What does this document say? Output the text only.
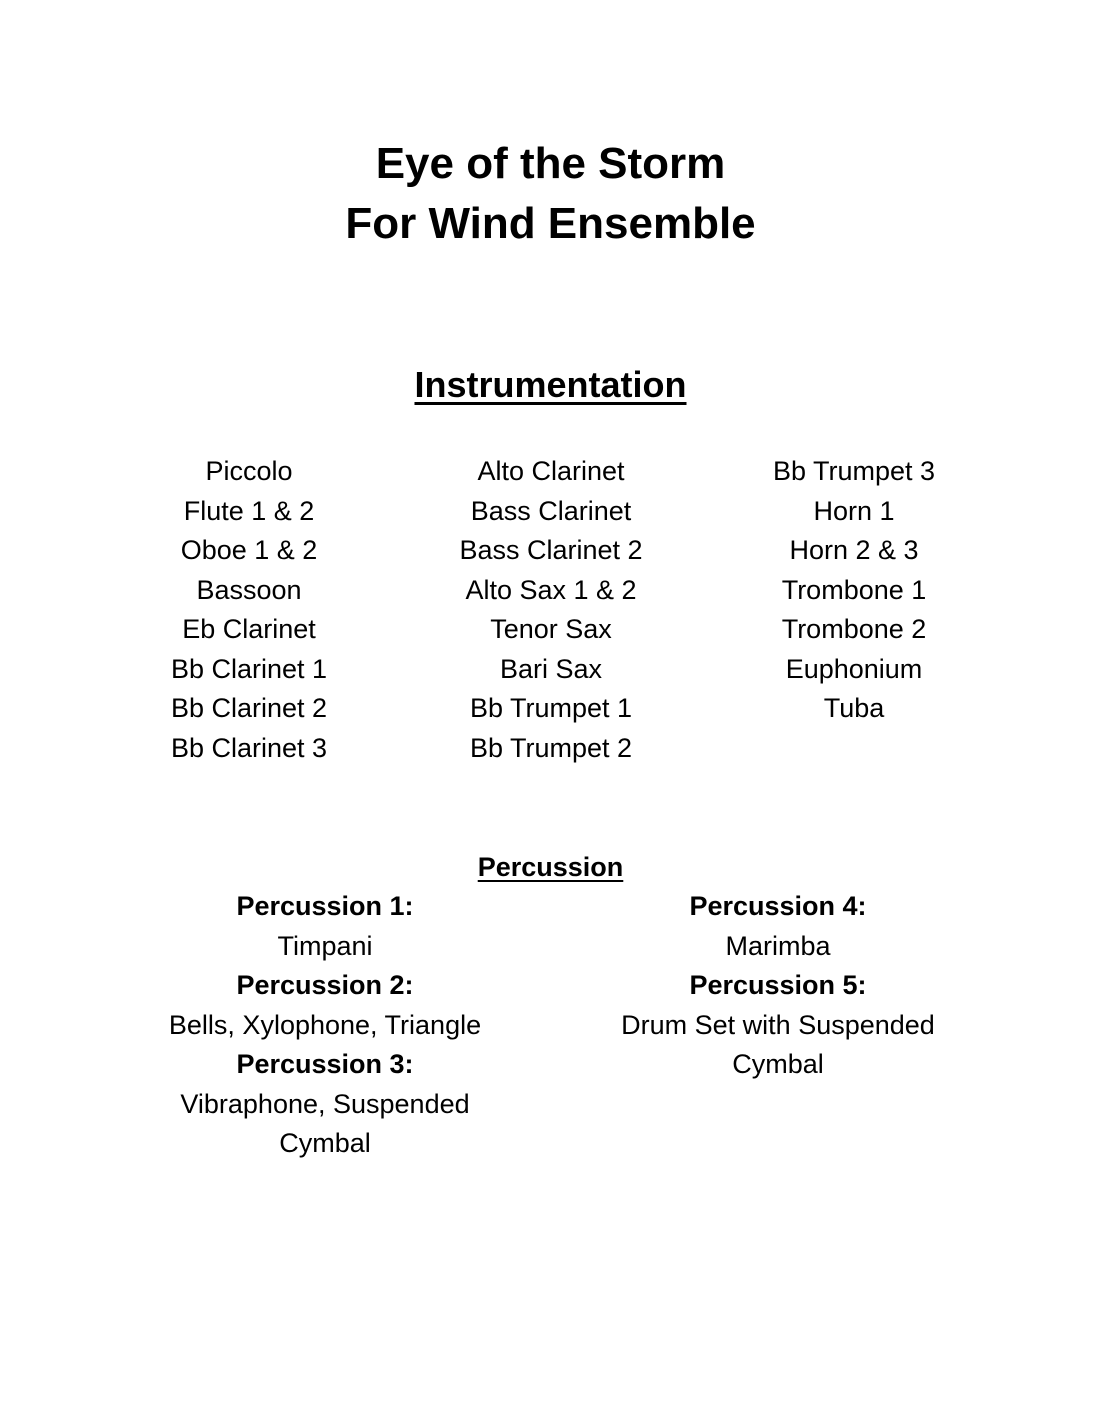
Eye of the Storm
For Wind Ensemble
Instrumentation
Piccolo
Flute 1 & 2
Oboe 1 & 2
Bassoon
Eb Clarinet
Bb Clarinet 1
Bb Clarinet 2
Bb Clarinet 3
Alto Clarinet
Bass Clarinet
Bass Clarinet 2
Alto Sax 1 & 2
Tenor Sax
Bari Sax
Bb Trumpet 1
Bb Trumpet 2
Bb Trumpet 3
Horn 1
Horn 2 & 3
Trombone 1
Trombone 2
Euphonium
Tuba
Percussion
Percussion 1:
Timpani
Percussion 2:
Bells, Xylophone, Triangle
Percussion 3:
Vibraphone, Suspended Cymbal
Percussion 4:
Marimba
Percussion 5:
Drum Set with Suspended Cymbal
